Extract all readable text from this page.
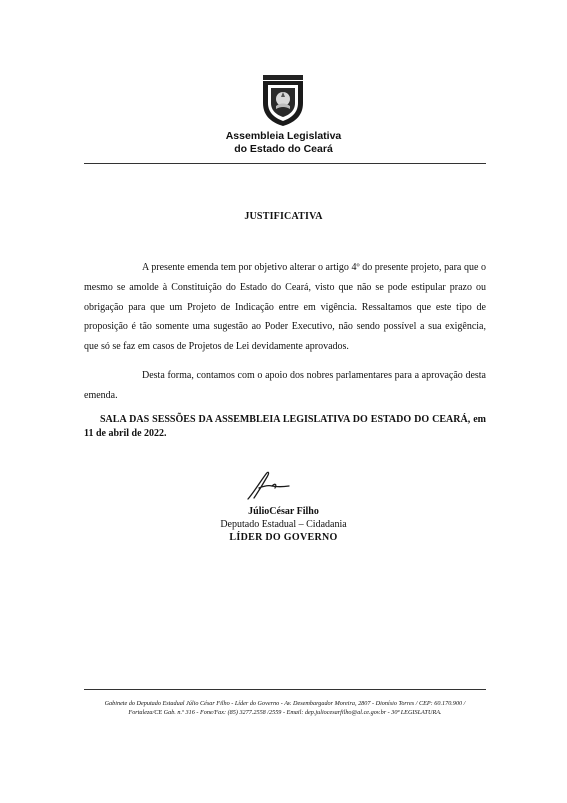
Assembleia Legislativa
do Estado do Ceará
JUSTIFICATIVA

A presente emenda tem por objetivo alterar o artigo 4º do presente projeto, para que o mesmo se amolde à Constituição do Estado do Ceará, visto que não se pode estipular prazo ou obrigação para que um Projeto de Indicação entre em vigência. Ressaltamos que este tipo de proposição é tão somente uma sugestão ao Poder Executivo, não sendo possível a sua exigência, que só se faz em casos de Projetos de Lei devidamente aprovados.

Desta forma, contamos com o apoio dos nobres parlamentares para a aprovação desta emenda.

SALA DAS SESSÕES DA ASSEMBLEIA LEGISLATIVA DO ESTADO DO CEARÁ, em 11 de abril de 2022.

JúlioCésar Filho
Deputado Estadual – Cidadania
LÍDER DO GOVERNO
Gabinete do Deputado Estadual Júlio César Filho - Líder do Governo - Av. Desembargador Moreira, 2807 - Dionísio Torres / CEP: 60.170.900 /
Fortaleza/CE Gab. n.º 316 - Fone/Fax: (85) 3277.2558 /2559 - Email: dep.juliocesarfilho@al.ce.gov.br - 30ª LEGISLATURA.
